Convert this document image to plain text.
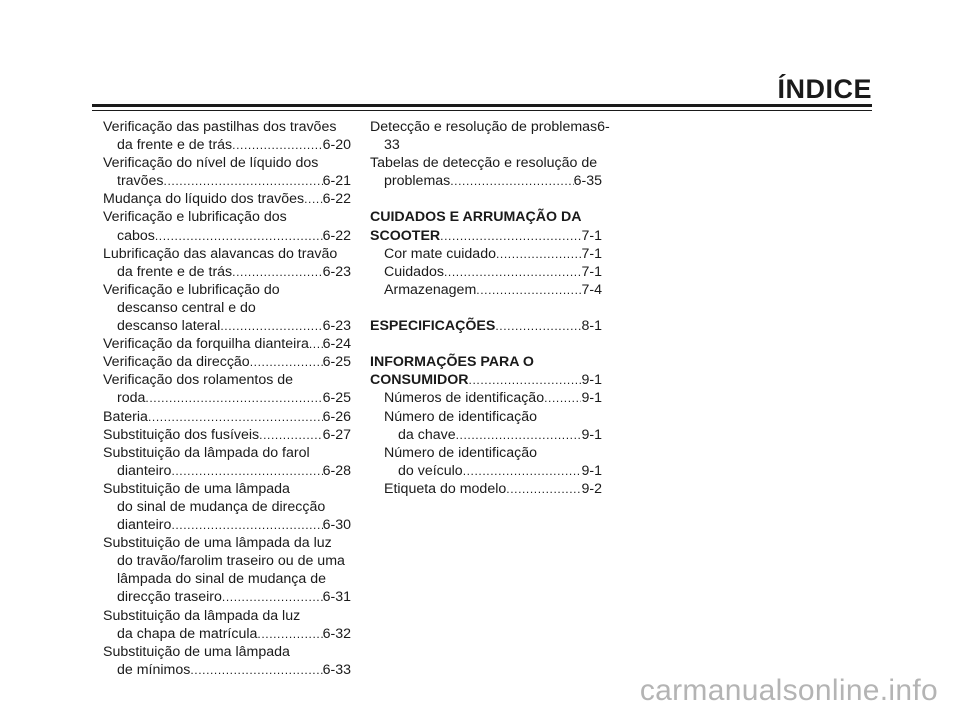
ÍNDICE
Verificação das pastilhas dos travões
da frente e de trás .....	6-20
Verificação do nível de líquido dos
travões .....	6-21
Mudança do líquido dos travões ..... 6-22
Verificação e lubrificação dos
cabos .....	6-22
Lubrificação das alavancas do travão
da frente e de trás .....	6-23
Verificação e lubrificação do
descanso central e do
descanso lateral .....	6-23
Verificação da forquilha dianteira ..... 6-24
Verificação da direcção .....	6-25
Verificação dos rolamentos de
roda .....	6-25
Bateria .....	6-26
Substituição dos fusíveis .....	6-27
Substituição da lâmpada do farol
dianteiro .....	6-28
Substituição de uma lâmpada
do sinal de mudança de direcção
dianteiro .....	6-30
Substituição de uma lâmpada da luz
do travão/farolim traseiro ou de uma
lâmpada do sinal de mudança de
direcção traseiro .....	6-31
Substituição da lâmpada da luz
da chapa de matrícula .....	6-32
Substituição de uma lâmpada
de mínimos .....	6-33
Detecção e resolução de problemas 6-
33
Tabelas de detecção e resolução de
problemas .....	6-35
CUIDADOS E ARRUMAÇÃO DA
SCOOTER .....	7-1
Cor mate cuidado .....	7-1
Cuidados .....	7-1
Armazenagem .....	7-4
ESPECIFICAÇÕES .....	8-1
INFORMAÇÕES PARA O
CONSUMIDOR .....	9-1
Números de identificação .....	9-1
Número de identificação
da chave .....	9-1
Número de identificação
do veículo .....	9-1
Etiqueta do modelo .....	9-2
carmanualsonline.info
